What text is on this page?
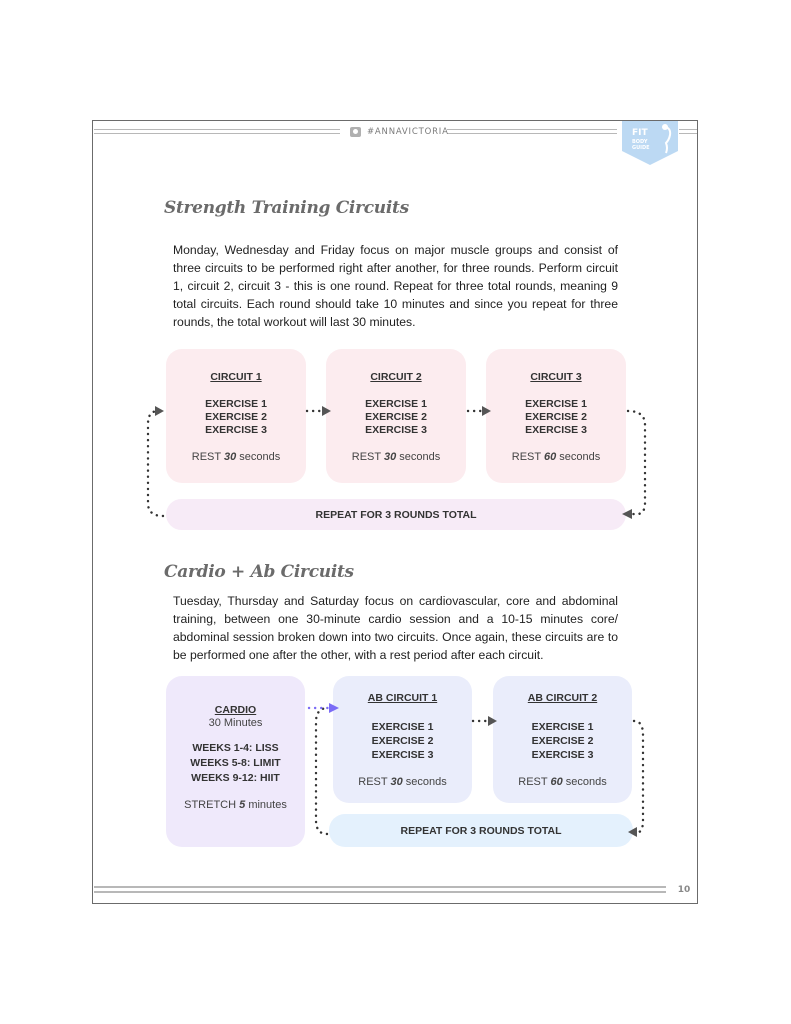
#ANNAVICTORIA	FIT
BODY
GUIDE
Strength Training Circuits

Monday, Wednesday and Friday focus on major muscle groups and consist of three circuits to be performed right after another, for three rounds. Perform circuit 1, circuit 2, circuit 3 - this is one round. Repeat for three total rounds, meaning 9 total circuits. Each round should take 10 minutes and since you repeat for three rounds, the total workout will last 30 minutes.

CIRCUIT 1
EXERCISE 1
EXERCISE 2
EXERCISE 3
REST 30 seconds
CIRCUIT 2
EXERCISE 1
EXERCISE 2
EXERCISE 3
REST 30 seconds
CIRCUIT 3
EXERCISE 1
EXERCISE 2
EXERCISE 3
REST 60 seconds
REPEAT FOR 3 ROUNDS TOTAL
Cardio + Ab Circuits

Tuesday, Thursday and Saturday focus on cardiovascular, core and abdominal training, between one 30-minute cardio session and a 10-15 minutes core/ abdominal session broken down into two circuits. Once again, these circuits are to be performed one after the other, with a rest period after each circuit.

CARDIO
30 Minutes
WEEKS 1-4: LISS
WEEKS 5-8: LIMIT
WEEKS 9-12: HIIT
STRETCH 5 minutes
AB CIRCUIT 1
EXERCISE 1
EXERCISE 2
EXERCISE 3
REST 30 seconds
AB CIRCUIT 2
EXERCISE 1
EXERCISE 2
EXERCISE 3
REST 60 seconds
REPEAT FOR 3 ROUNDS TOTAL
10
